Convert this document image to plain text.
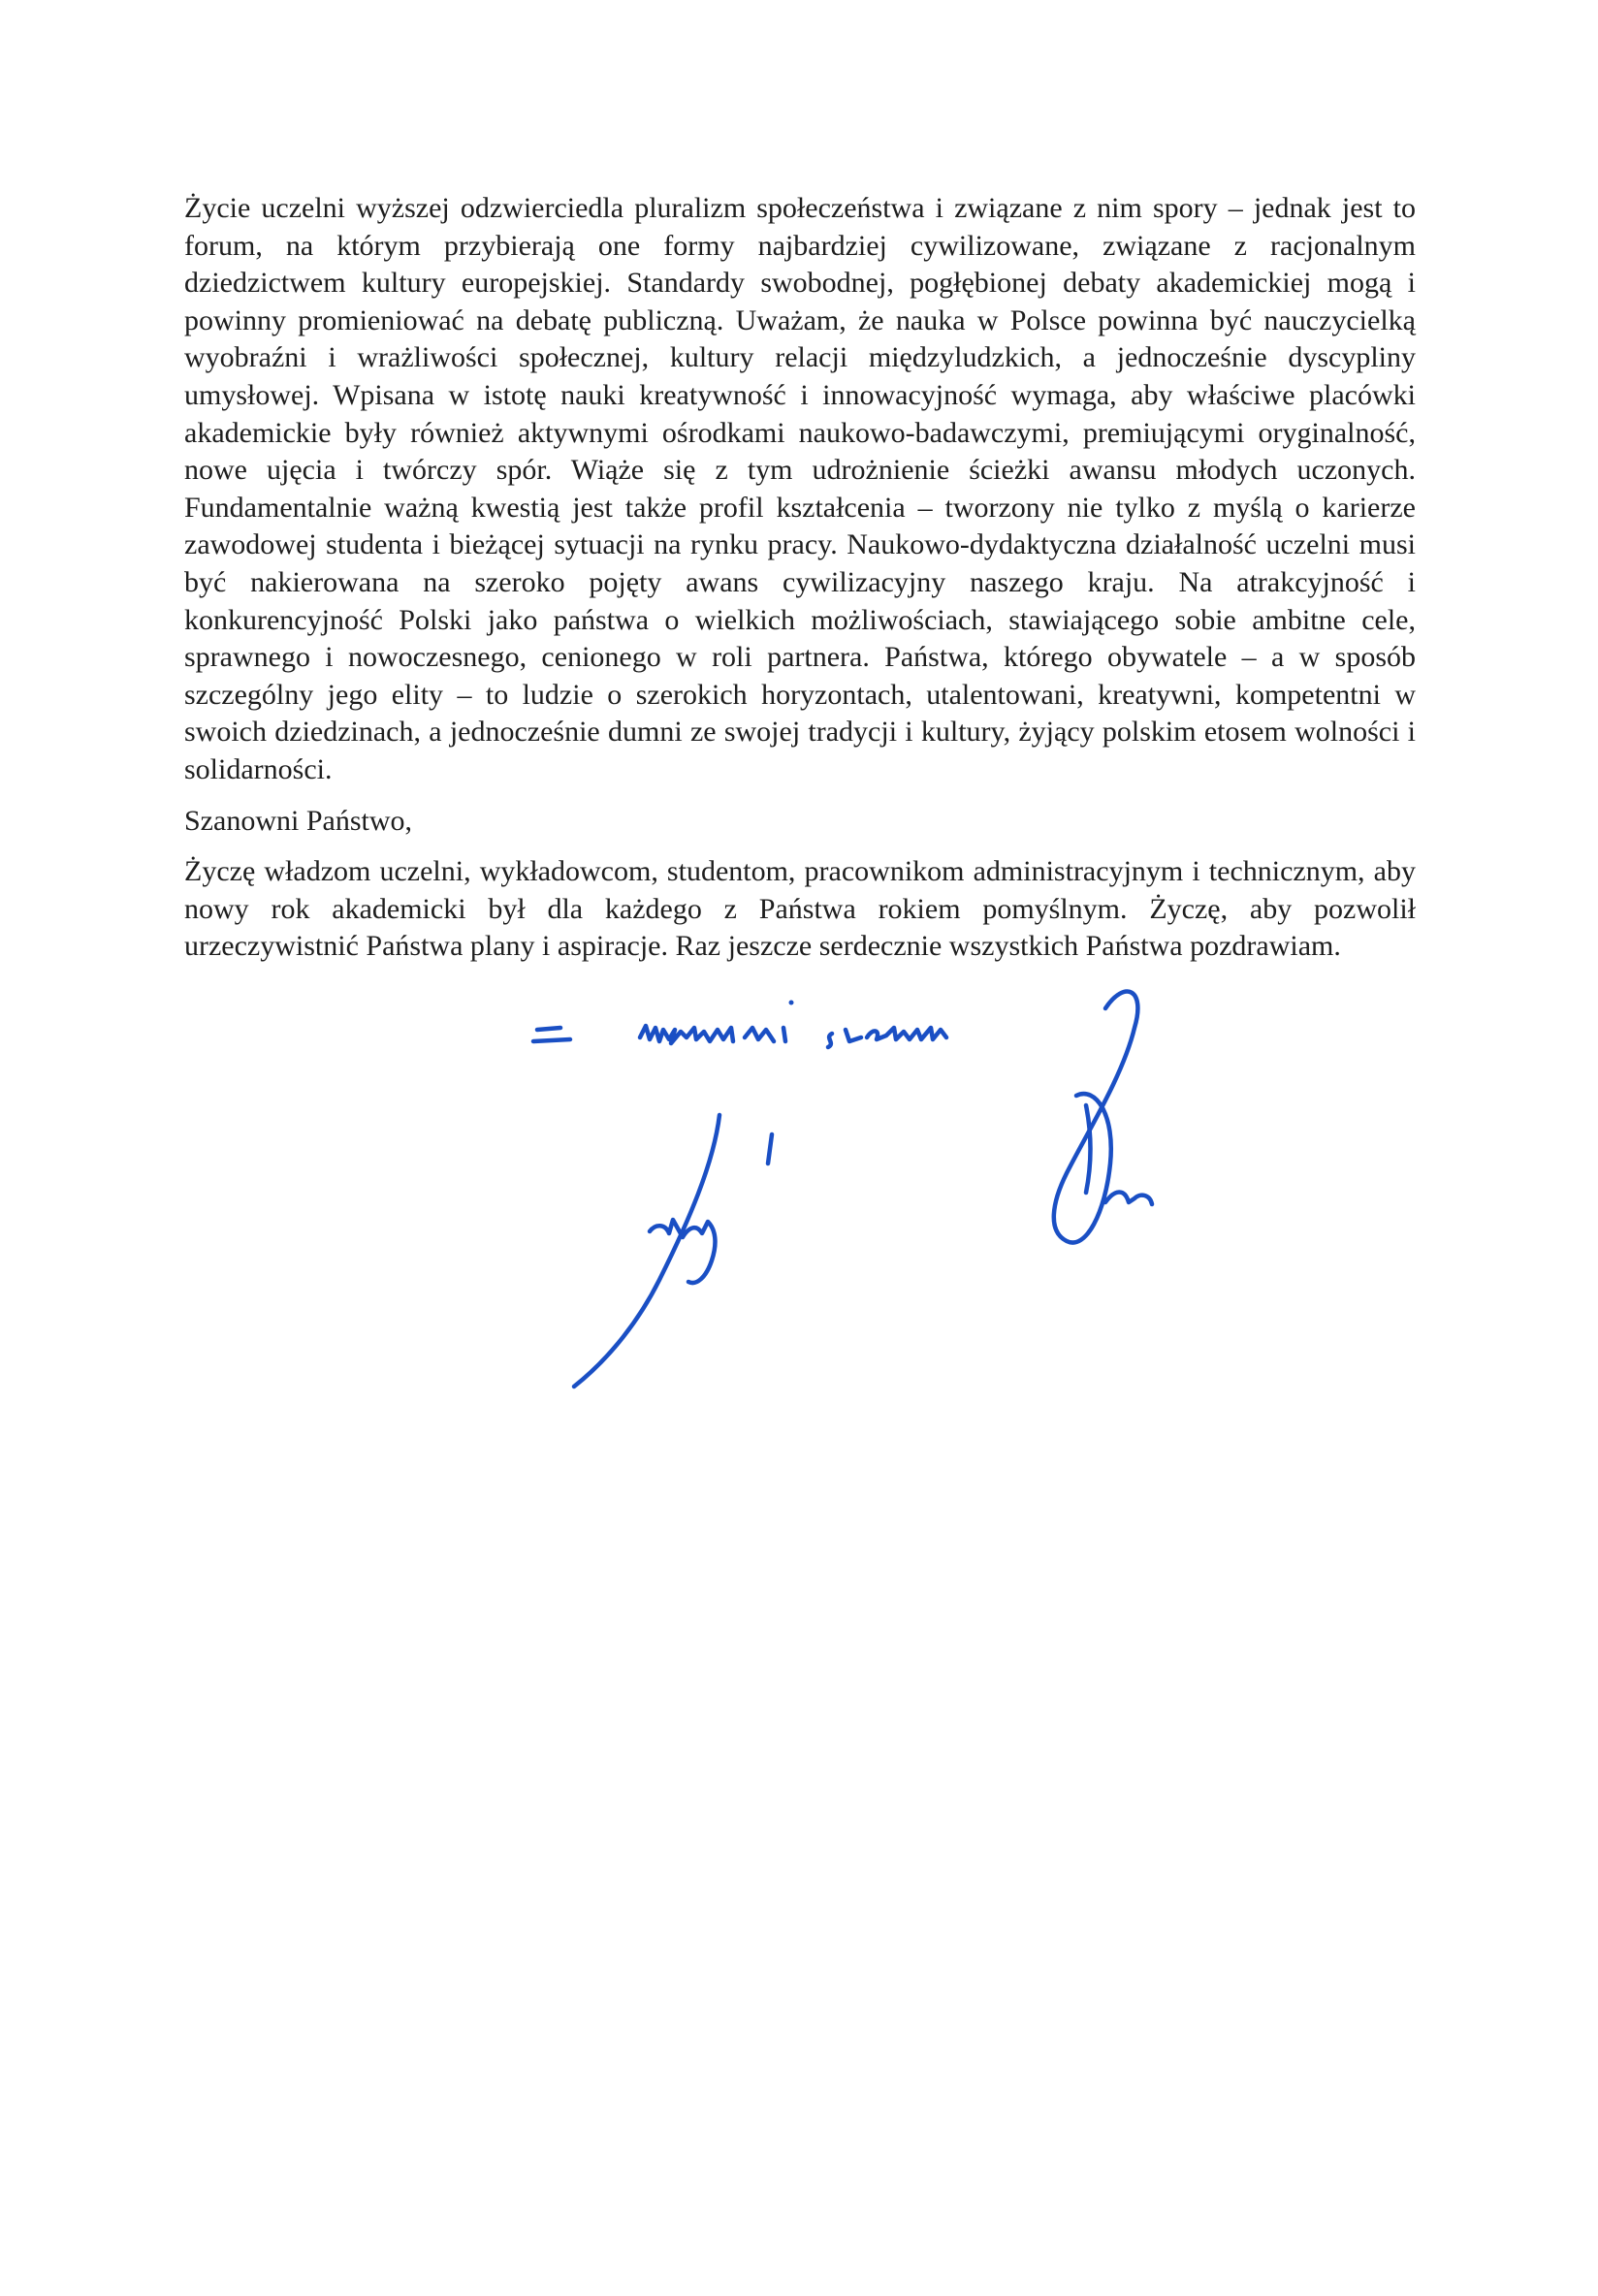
Życie uczelni wyższej odzwierciedla pluralizm społeczeństwa i związane z nim spory – jednak jest to forum, na którym przybierają one formy najbardziej cywilizowane, związane z racjonalnym dziedzictwem kultury europejskiej. Standardy swobodnej, pogłębionej debaty akademickiej mogą i powinny promieniować na debatę publiczną. Uważam, że nauka w Polsce powinna być nauczycielką wyobraźni i wrażliwości społecznej, kultury relacji międzyludzkich, a jednocześnie dyscypliny umysłowej. Wpisana w istotę nauki kreatywność i innowacyjność wymaga, aby właściwe placówki akademickie były również aktywnymi ośrodkami naukowo-badawczymi, premiującymi oryginalność, nowe ujęcia i twórczy spór. Wiąże się z tym udrożnienie ścieżki awansu młodych uczonych. Fundamentalnie ważną kwestią jest także profil kształcenia – tworzony nie tylko z myślą o karierze zawodowej studenta i bieżącej sytuacji na rynku pracy. Naukowo-dydaktyczna działalność uczelni musi być nakierowana na szeroko pojęty awans cywilizacyjny naszego kraju. Na atrakcyjność i konkurencyjność Polski jako państwa o wielkich możliwościach, stawiającego sobie ambitne cele, sprawnego i nowoczesnego, cenionego w roli partnera. Państwa, którego obywatele – a w sposób szczególny jego elity – to ludzie o szerokich horyzontach, utalentowani, kreatywni, kompetentni w swoich dziedzinach, a jednocześnie dumni ze swojej tradycji i kultury, żyjący polskim etosem wolności i solidarności.

Szanowni Państwo,

Życzę władzom uczelni, wykładowcom, studentom, pracownikom administracyjnym i technicznym, aby nowy rok akademicki był dla każdego z Państwa rokiem pomyślnym. Życzę, aby pozwolił urzeczywistnić Państwa plany i aspiracje. Raz jeszcze serdecznie wszystkich Państwa pozdrawiam.
